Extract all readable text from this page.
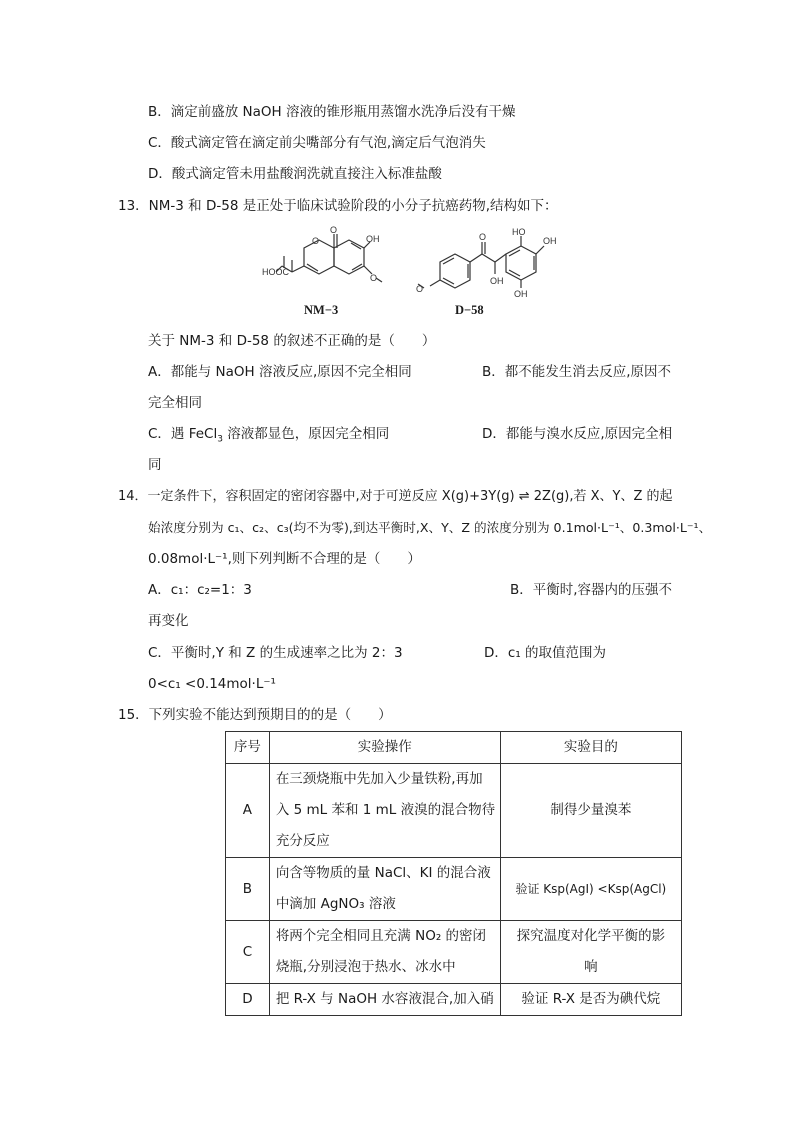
B．滴定前盛放 NaOH 溶液的锥形瓶用蒸馏水洗净后没有干燥
C．酸式滴定管在滴定前尖嘴部分有气泡,滴定后气泡消失
D．酸式滴定管未用盐酸润洗就直接注入标准盐酸
13．NM-3 和 D-58 是正处于临床试验阶段的小分子抗癌药物,结构如下：
O
O
OH
O
HOOC
O
OH
HO
OH
OH
O
NM−3	D−58
关于 NM-3 和 D-58 的叙述不正确的是（　　）
A．都能与 NaOH 溶液反应,原因不完全相同	B．都不能发生消去反应,原因不
完全相同
C．遇 FeCl$_3$ 溶液都显色，原因完全相同	D．都能与溴水反应,原因完全相
同
14．一定条件下，容积固定的密闭容器中,对于可逆反应 X(g)+3Y(g) ⇌ 2Z(g),若 X、Y、Z 的起
始浓度分别为 c₁、c₂、c₃(均不为零),到达平衡时,X、Y、Z 的浓度分别为 0.1mol·L⁻¹、0.3mol·L⁻¹、
0.08mol·L⁻¹,则下列判断不合理的是（　　）
A．c₁：c₂=1：3	B．平衡时,容器内的压强不
再变化
C．平衡时,Y 和 Z 的生成速率之比为 2：3	D．c₁ 的取值范围为
0<c₁ <0.14mol·L⁻¹
15．下列实验不能达到预期目的的是（　　）
序号	实验操作	实验目的
A	在三颈烧瓶中先加入少量铁粉,再加
入 5 mL 苯和 1 mL 液溴的混合物待
充分反应	制得少量溴苯

B	向含等物质的量 NaCl、KI 的混合液
中滴加 AgNO₃ 溶液	验证 Ksp(AgI) <Ksp(AgCl)

C	将两个完全相同且充满 NO₂ 的密闭
烧瓶,分别浸泡于热水、冰水中	探究温度对化学平衡的影
响

D	把 R-X 与 NaOH 水容液混合,加入硝	验证 R-X 是否为碘代烷
